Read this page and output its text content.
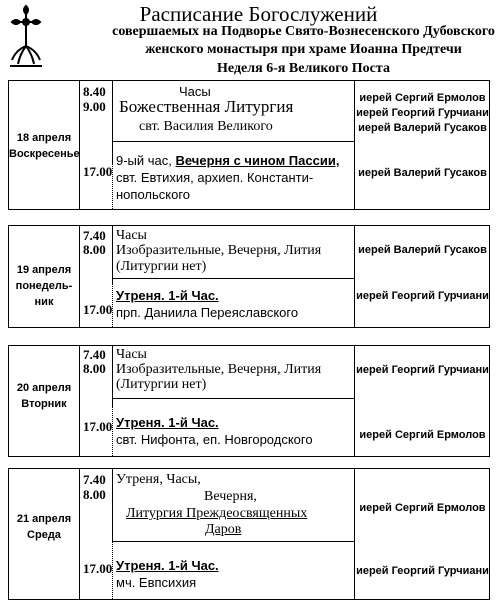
Расписание Богослужений
совершаемых на Подворье Свято-Вознесенского Дубовского
женского монастыря при храме Иоанна Предтечи
Неделя 6-я Великого Поста
18 апреля
Воскресенье
8.40
9.00
17.00
Часы
Божественная Литургия
свт. Василия Великого
9-ый час, Вечерня с чином Пассии,
свт. Евтихия, архиеп. Константи-
нопольского
иерей Сергий Ермолов
иерей Георгий Гурчиани
иерей Валерий Гусаков
иерей Валерий Гусаков
19 апреля
понедель-
ник
7.40
8.00
17.00
Часы
Изобразительные, Вечерня, Лития
(Литургии нет)
Утреня. 1-й Час.
прп. Даниила Переяславского
иерей Валерий Гусаков
иерей Георгий Гурчиани
20 апреля
Вторник
7.40
8.00
17.00
Часы
Изобразительные, Вечерня, Лития
(Литургии нет)
Утреня. 1-й Час.
свт. Нифонта, еп. Новгородского
иерей Георгий Гурчиани
иерей Сергий Ермолов
21 апреля
Среда
7.40
8.00
17.00
Утреня, Часы,
Вечерня,
Литургия Преждеосвященных
Даров
Утреня. 1-й Час.
мч. Евпсихия
иерей Сергий Ермолов
иерей Георгий Гурчиани
